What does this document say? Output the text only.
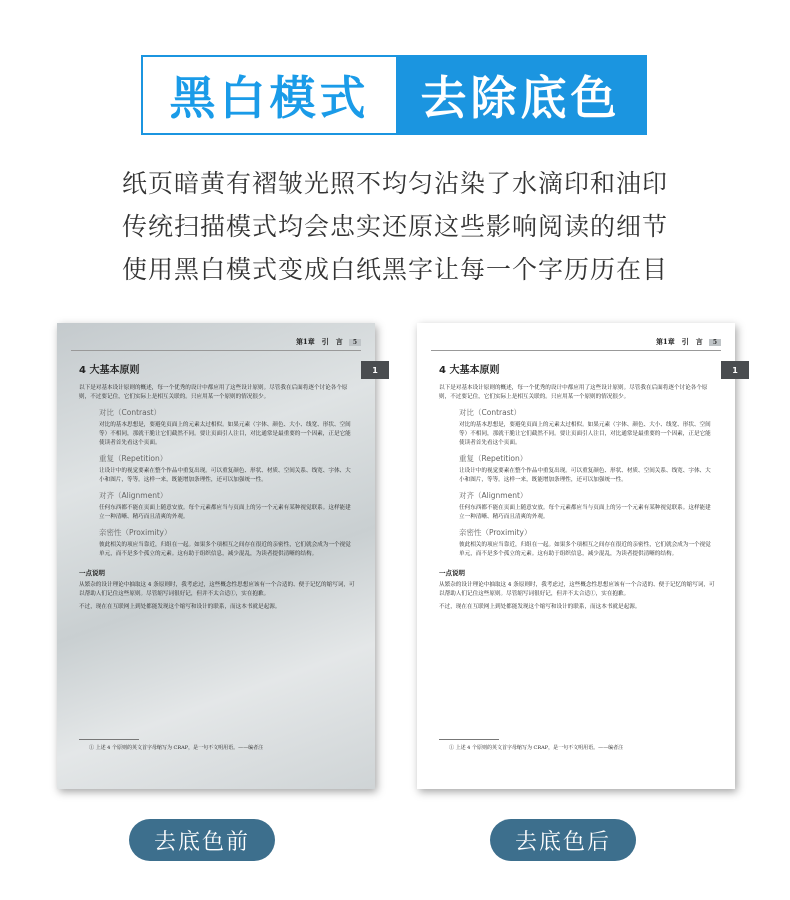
黑白模式	去除底色
纸页暗黄有褶皱光照不均匀沾染了水滴印和油印
传统扫描模式均会忠实还原这些影响阅读的细节
使用黑白模式变成白纸黑字让每一个字历历在目
第1章　引　言	5
1
4 大基本原则

以下是对基本设计原则的概述，每一个优秀的设计中都应用了这些设计原则。尽管我在后面将逐个讨论各个原则，不过要记住，它们实际上是相互关联的。只应用某一个原则的情况很少。

对比（Contrast）

对比的基本思想是，要避免页面上的元素太过相似。如果元素（字体、颜色、大小、线宽、形状、空间等）不相同，那就干脆让它们截然不同。要让页面引人注目，对比通常是最重要的一个因素，正是它能使读者首先看这个页面。

重复（Repetition）

让设计中的视觉要素在整个作品中重复出现。可以重复颜色、形状、材质、空间关系、线宽、字体、大小和图片，等等。这样一来，既能增加条理性，还可以加强统一性。

对齐（Alignment）

任何东西都不能在页面上随意安放。每个元素都应当与页面上的另一个元素有某种视觉联系。这样能建立一种清晰、精巧而且清爽的外观。

亲密性（Proximity）

彼此相关的项应当靠近，归组在一起。如果多个项相互之间存在很近的亲密性，它们就会成为一个视觉单元，而不是多个孤立的元素。这有助于组织信息，减少混乱，为读者提供清晰的结构。

一点说明

从繁杂的设计理论中抽取这 4 条原则时，我考虑过，这些概念性思想应该有一个合适的、便于记忆的缩写词，可以帮助人们记住这些原则。尽管缩写词很好记，但并不太合适①，实在抱歉。

不过，现在在互联网上到处都能发现这个缩写和设计的联系，而这本书就是起源。

① 上述 4 个原则的英文首字母缩写为 CRAP，是一句不文明用语。——编者注
第1章　引　言	5
1
4 大基本原则

以下是对基本设计原则的概述，每一个优秀的设计中都应用了这些设计原则。尽管我在后面将逐个讨论各个原则，不过要记住，它们实际上是相互关联的。只应用某一个原则的情况很少。

对比（Contrast）

对比的基本思想是，要避免页面上的元素太过相似。如果元素（字体、颜色、大小、线宽、形状、空间等）不相同，那就干脆让它们截然不同。要让页面引人注目，对比通常是最重要的一个因素，正是它能使读者首先看这个页面。

重复（Repetition）

让设计中的视觉要素在整个作品中重复出现。可以重复颜色、形状、材质、空间关系、线宽、字体、大小和图片，等等。这样一来，既能增加条理性，还可以加强统一性。

对齐（Alignment）

任何东西都不能在页面上随意安放。每个元素都应当与页面上的另一个元素有某种视觉联系。这样能建立一种清晰、精巧而且清爽的外观。

亲密性（Proximity）

彼此相关的项应当靠近，归组在一起。如果多个项相互之间存在很近的亲密性，它们就会成为一个视觉单元，而不是多个孤立的元素。这有助于组织信息，减少混乱，为读者提供清晰的结构。

一点说明

从繁杂的设计理论中抽取这 4 条原则时，我考虑过，这些概念性思想应该有一个合适的、便于记忆的缩写词，可以帮助人们记住这些原则。尽管缩写词很好记，但并不太合适①，实在抱歉。

不过，现在在互联网上到处都能发现这个缩写和设计的联系，而这本书就是起源。

① 上述 4 个原则的英文首字母缩写为 CRAP，是一句不文明用语。——编者注
去底色前	去底色后
